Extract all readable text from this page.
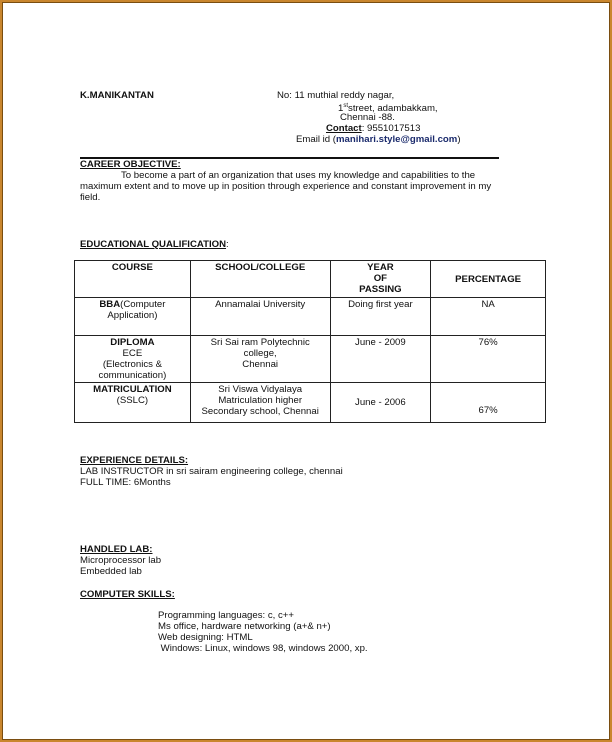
K.MANIKANTAN	No: 11 muthial reddy nagar,
1ststreet, adambakkam,
Chennai -88.
Contact: 9551017513
Email id (manihari.style@gmail.com)
CAREER OBJECTIVE:
To become a part of an organization that uses my knowledge and capabilities to the
maximum extent and to move up in position through experience and constant improvement in my
field.
EDUCATIONAL QUALIFICATION:
COURSE	SCHOOL/COLLEGE	YEAR
OF
PASSING	PERCENTAGE

BBA(Computer
Application)	Annamalai University	Doing first year	NA

DIPLOMA
ECE
(Electronics &
communication)	Sri Sai ram Polytechnic
college,
Chennai	June - 2009	76%

MATRICULATION
(SSLC)	Sri Viswa Vidyalaya
Matriculation higher
Secondary school, Chennai	June - 2006	67%
EXPERIENCE DETAILS:
LAB INSTRUCTOR in sri sairam engineering college, chennai
FULL TIME: 6Months
HANDLED LAB:
Microprocessor lab
Embedded lab
COMPUTER SKILLS:
Programming languages: c, c++
Ms office, hardware networking (a+& n+)
Web designing: HTML
Windows: Linux, windows 98, windows 2000, xp.
